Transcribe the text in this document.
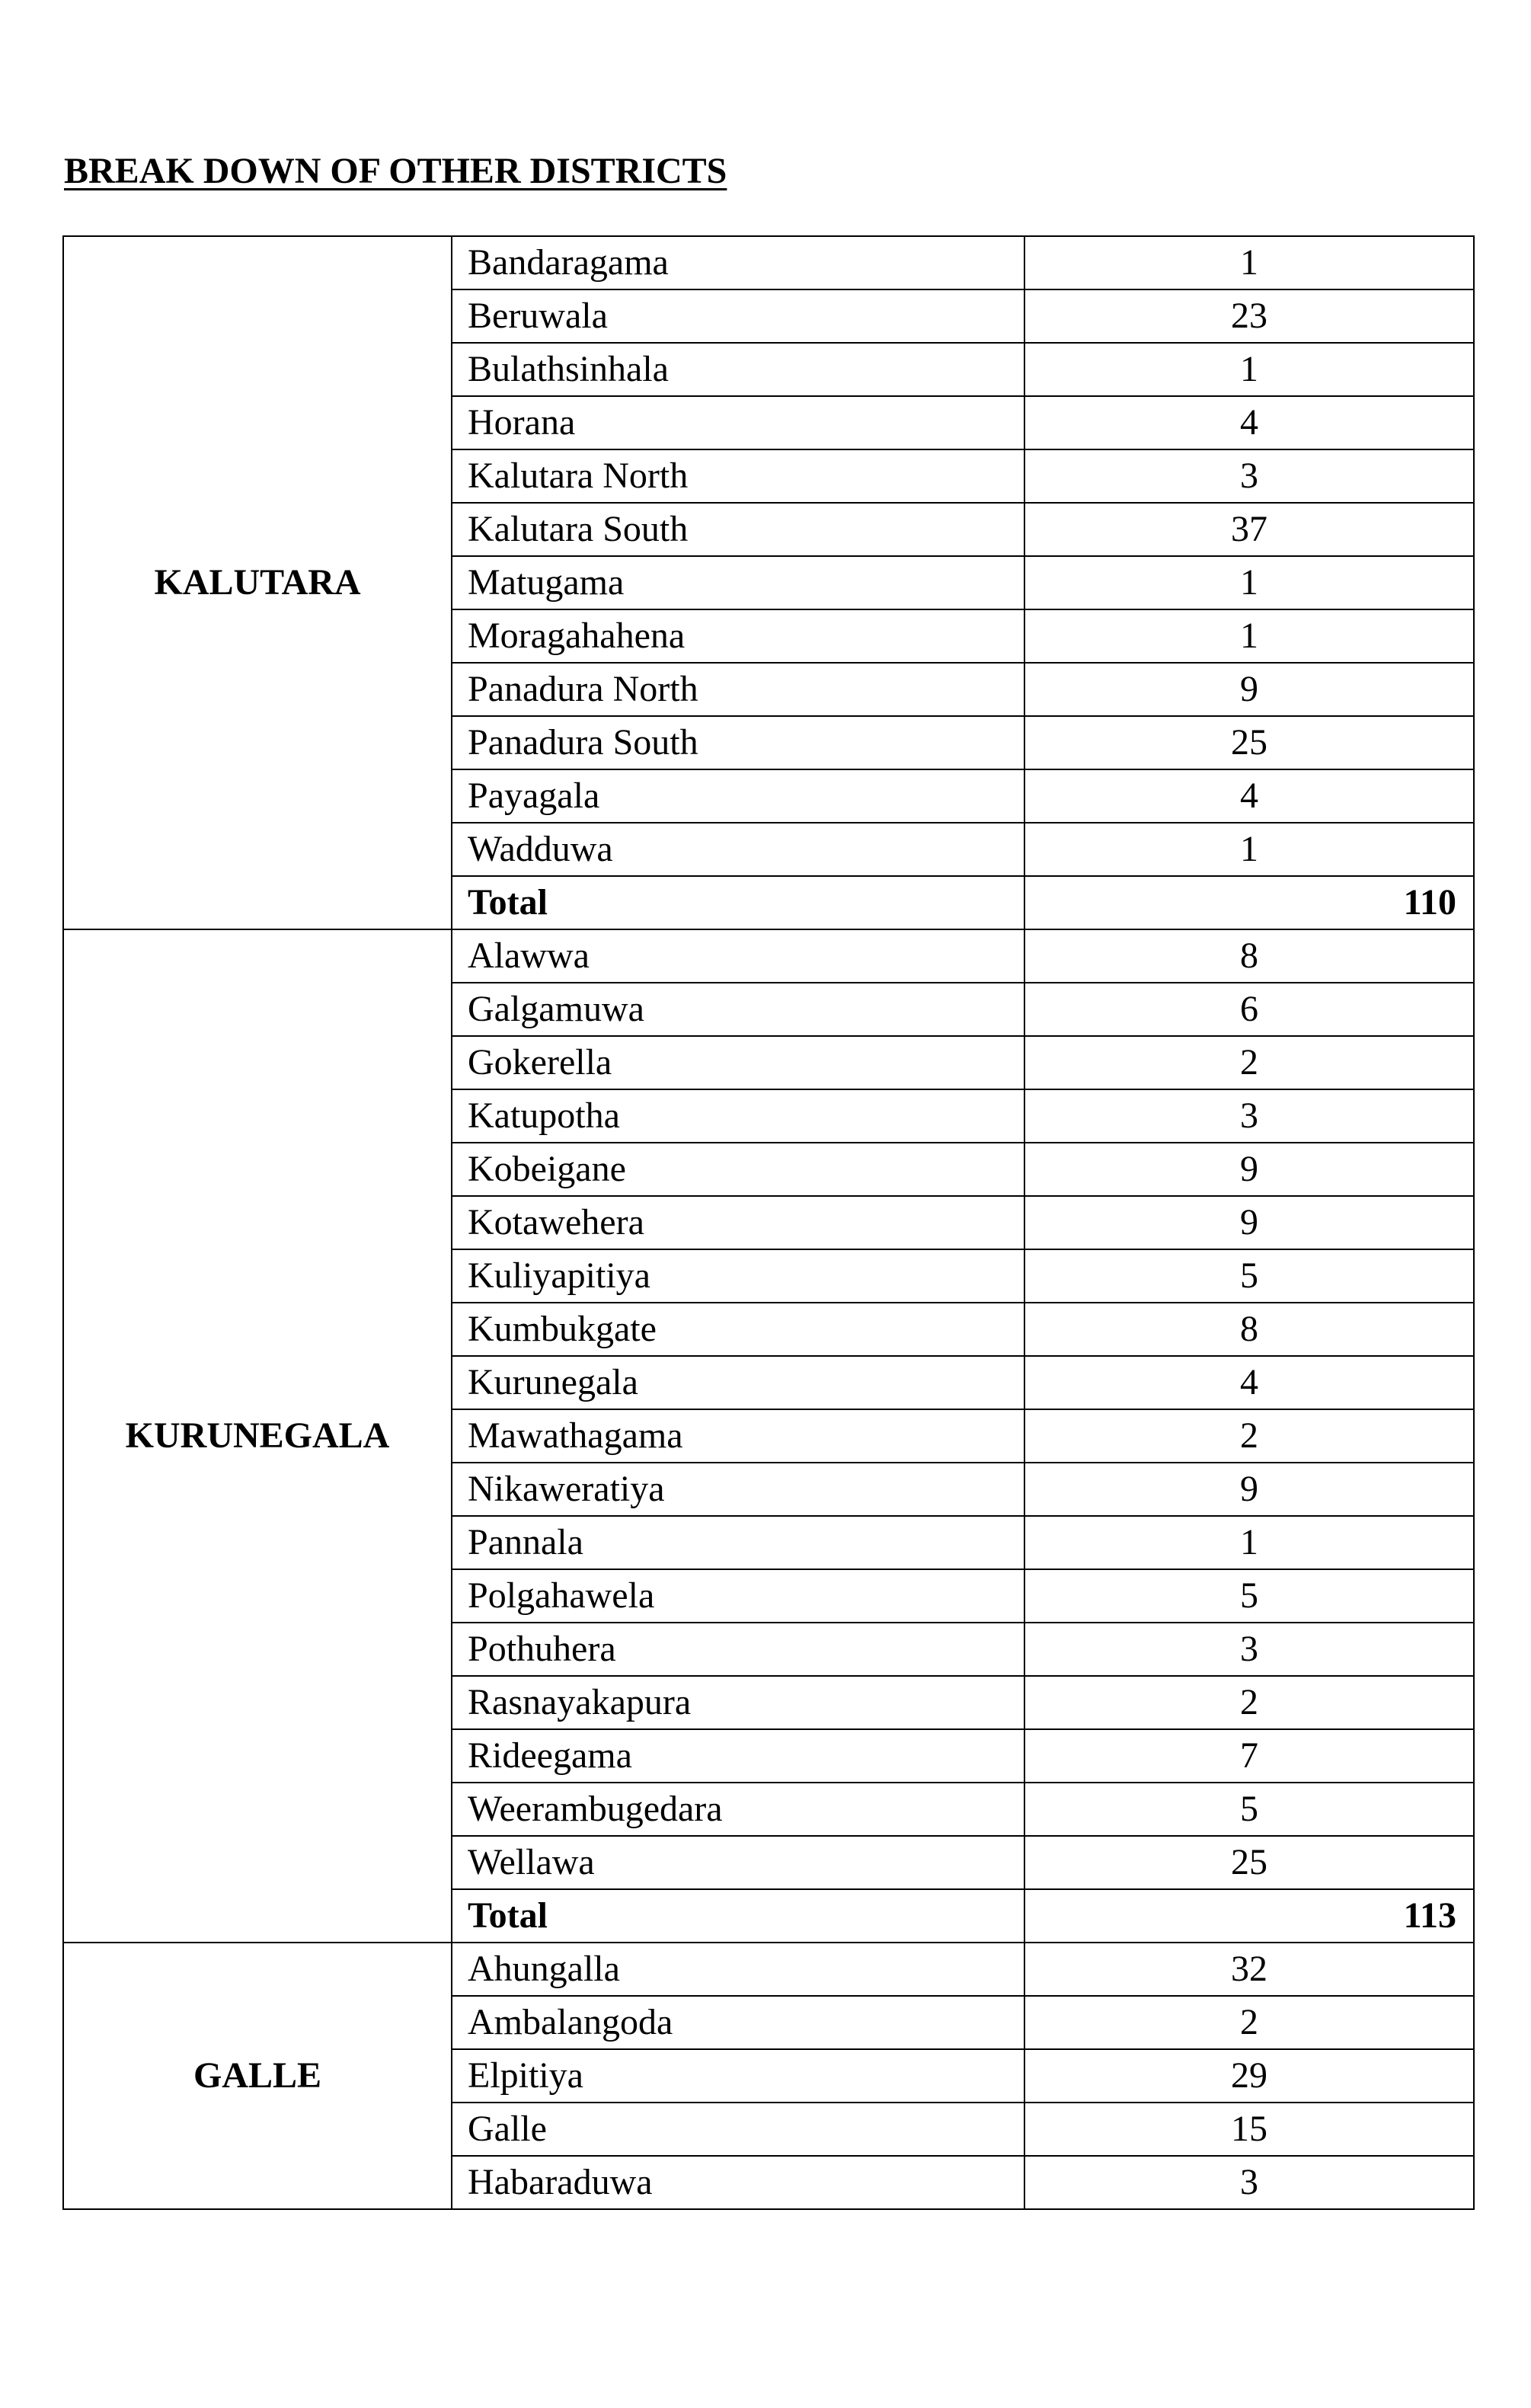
BREAK DOWN OF OTHER DISTRICTS
KALUTARA	Bandaragama	1
	Beruwala	23
	Bulathsinhala	1
	Horana	4
	Kalutara North	3
	Kalutara South	37
	Matugama	1
	Moragahahena	1
	Panadura North	9
	Panadura South	25
	Payagala	4
	Wadduwa	1
	Total	110
KURUNEGALA	Alawwa	8
	Galgamuwa	6
	Gokerella	2
	Katupotha	3
	Kobeigane	9
	Kotawehera	9
	Kuliyapitiya	5
	Kumbukgate	8
	Kurunegala	4
	Mawathagama	2
	Nikaweratiya	9
	Pannala	1
	Polgahawela	5
	Pothuhera	3
	Rasnayakapura	2
	Rideegama	7
	Weerambugedara	5
	Wellawa	25
	Total	113
GALLE	Ahungalla	32
	Ambalangoda	2
	Elpitiya	29
	Galle	15
	Habaraduwa	3
